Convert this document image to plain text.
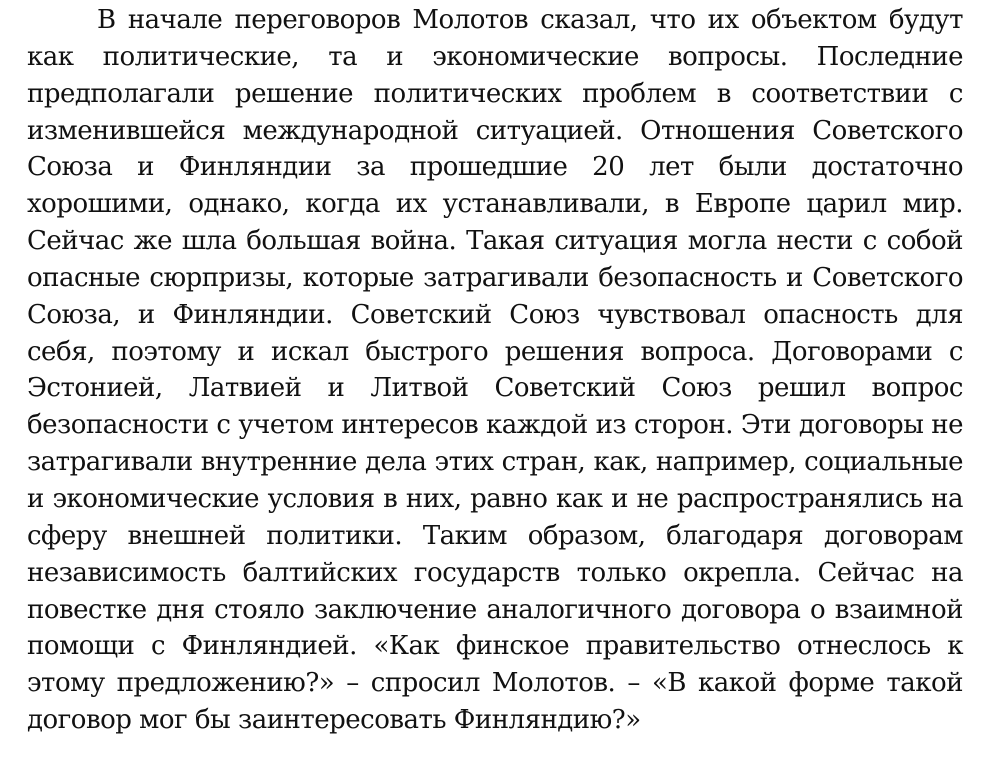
В начале переговоров Молотов сказал, что их объектом будут как политические, та и экономические вопросы. Последние предполагали решение политических проблем в соответствии с изменившейся международной ситуацией. Отношения Советского Союза и Финляндии за прошедшие 20 лет были достаточно хорошими, однако, когда их устанавливали, в Европе царил мир. Сейчас же шла большая война. Такая ситуация могла нести с собой опасные сюрпризы, которые затрагивали безопасность и Советского Союза, и Финляндии. Советский Союз чувствовал опасность для себя, поэтому и искал быстрого решения вопроса. Договорами с Эстонией, Латвией и Литвой Советский Союз решил вопрос безопасности с учетом интересов каждой из сторон. Эти договоры не затрагивали внутренние дела этих стран, как, например, социальные и экономические условия в них, равно как и не распространялись на сферу внешней политики. Таким образом, благодаря договорам независимость балтийских государств только окрепла. Сейчас на повестке дня стояло заключение аналогичного договора о взаимной помощи с Финляндией. «Как финское правительство отнеслось к этому предложению?» – спросил Молотов. – «В какой форме такой договор мог бы заинтересовать Финляндию?»
